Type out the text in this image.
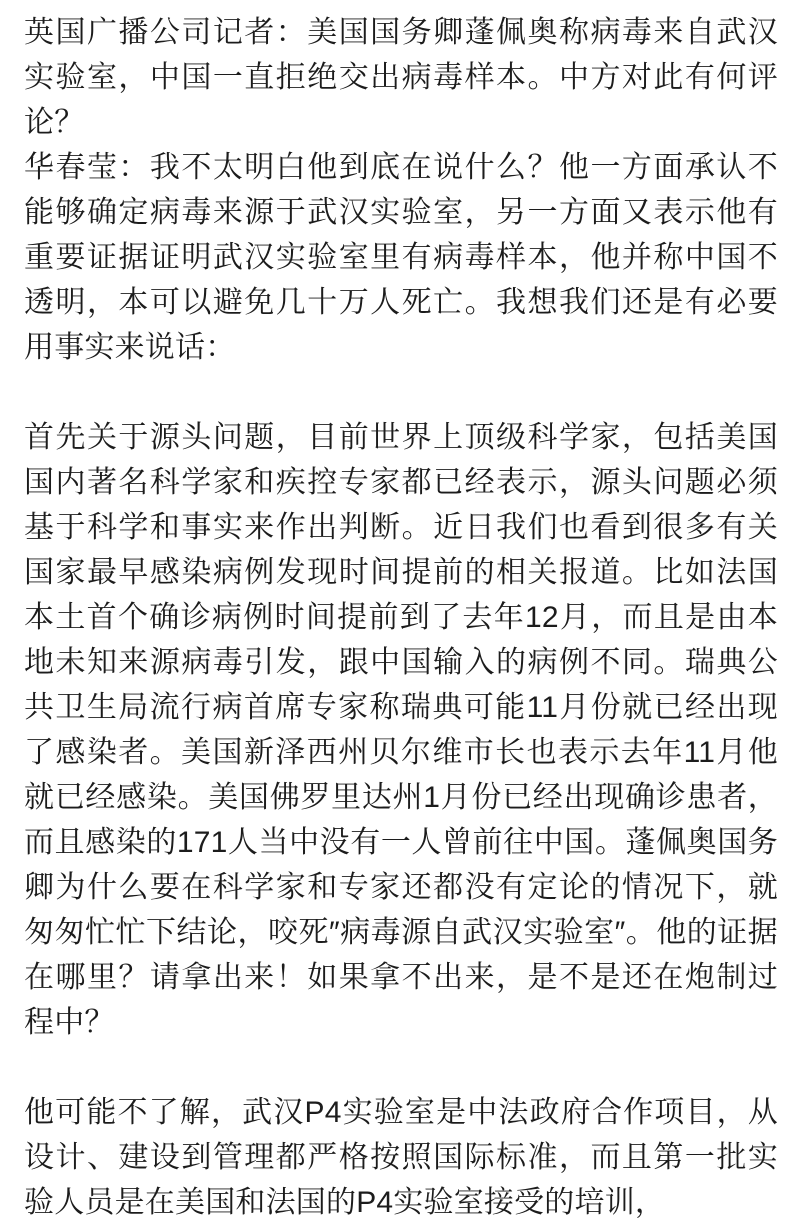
英国广播公司记者：美国国务卿蓬佩奥称病毒来自武汉实验室，中国一直拒绝交出病毒样本。中方对此有何评论？

华春莹：我不太明白他到底在说什么？他一方面承认不能够确定病毒来源于武汉实验室，另一方面又表示他有重要证据证明武汉实验室里有病毒样本，他并称中国不透明，本可以避免几十万人死亡。我想我们还是有必要用事实来说话：

首先关于源头问题，目前世界上顶级科学家，包括美国国内著名科学家和疾控专家都已经表示，源头问题必须基于科学和事实来作出判断。近日我们也看到很多有关国家最早感染病例发现时间提前的相关报道。比如法国本土首个确诊病例时间提前到了去年12月，而且是由本地未知来源病毒引发，跟中国输入的病例不同。瑞典公共卫生局流行病首席专家称瑞典可能11月份就已经出现了感染者。美国新泽西州贝尔维市长也表示去年11月他就已经感染。美国佛罗里达州1月份已经出现确诊患者，而且感染的171人当中没有一人曾前往中国。蓬佩奥国务卿为什么要在科学家和专家还都没有定论的情况下，就匆匆忙忙下结论，咬死″病毒源自武汉实验室″。他的证据在哪里？请拿出来！如果拿不出来，是不是还在炮制过程中？

他可能不了解，武汉P4实验室是中法政府合作项目，从设计、建设到管理都严格按照国际标准，而且第一批实验人员是在美国和法国的P4实验室接受的培训，
